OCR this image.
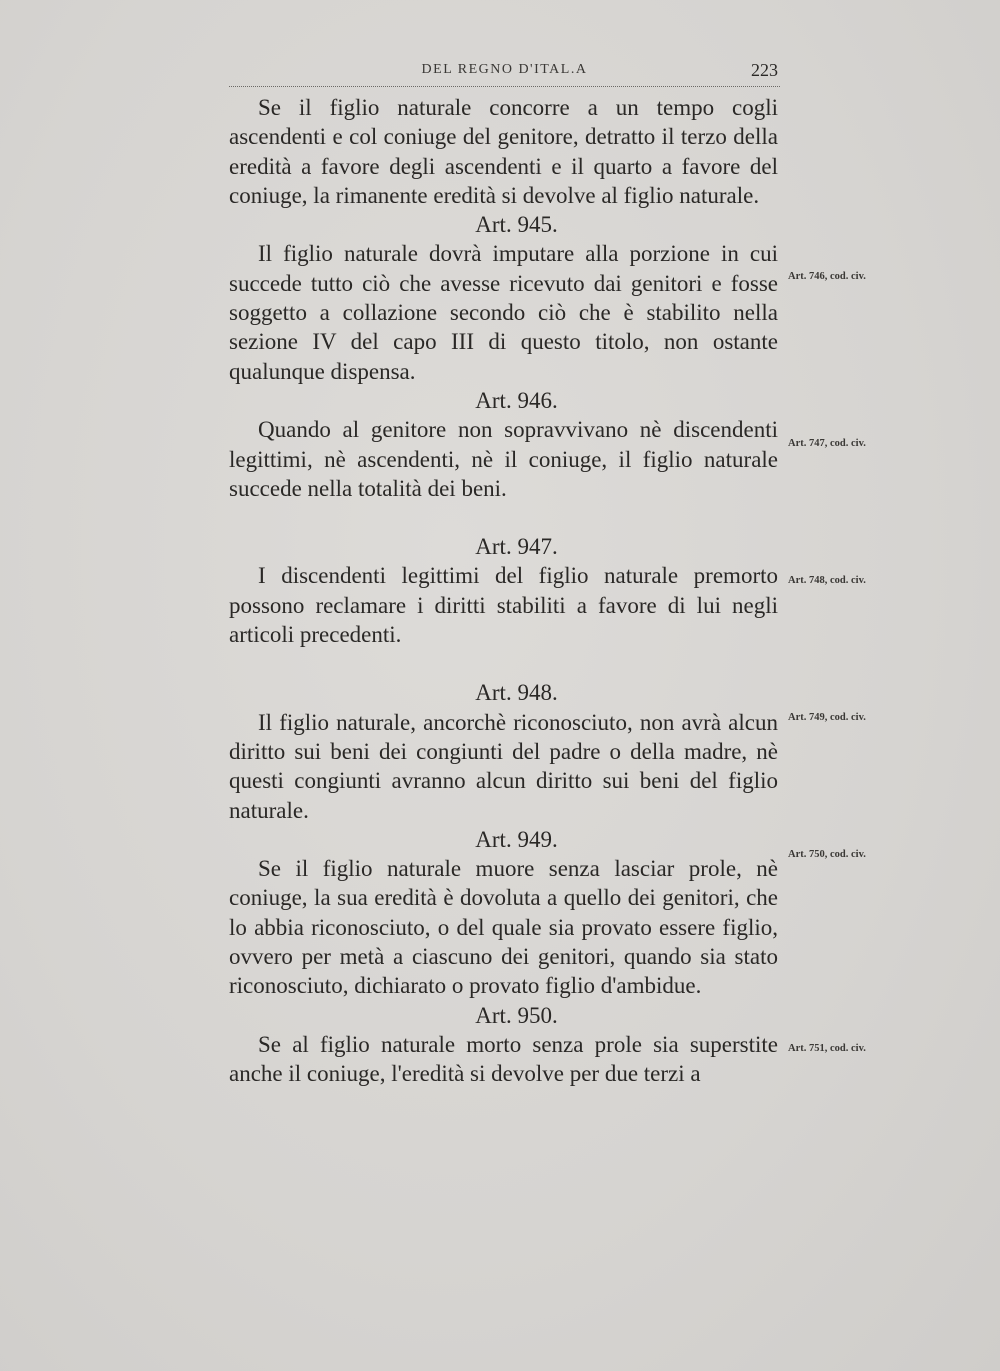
DEL REGNO D'ITAL.A	223

Se il figlio naturale concorre a un tempo cogli ascendenti e col coniuge del genitore, detratto il terzo della eredità a favore degli ascendenti e il quarto a favore del coniuge, la rimanente eredità si devolve al figlio naturale.

Art. 945.

Il figlio naturale dovrà imputare alla porzione in cui succede tutto ciò che avesse ricevuto dai genitori e fosse soggetto a collazione secondo ciò che è stabilito nella sezione IV del capo III di questo titolo, non ostante qualunque dispensa.

Art. 946.

Quando al genitore non sopravvivano nè discendenti legittimi, nè ascendenti, nè il coniuge, il figlio naturale succede nella totalità dei beni.

Art. 947.

I discendenti legittimi del figlio naturale premorto possono reclamare i diritti stabiliti a favore di lui negli articoli precedenti.

Art. 948.

Il figlio naturale, ancorchè riconosciuto, non avrà alcun diritto sui beni dei congiunti del padre o della madre, nè questi congiunti avranno alcun diritto sui beni del figlio naturale.

Art. 949.

Se il figlio naturale muore senza lasciar prole, nè coniuge, la sua eredità è dovoluta a quello dei genitori, che lo abbia riconosciuto, o del quale sia provato essere figlio, ovvero per metà a ciascuno dei genitori, quando sia stato riconosciuto, dichiarato o provato figlio d'ambidue.

Art. 950.

Se al figlio naturale morto senza prole sia superstite anche il coniuge, l'eredità si devolve per due terzi a

Art. 746, cod. civ.
Art. 747, cod. civ.
Art. 748, cod. civ.
Art. 749, cod. civ.
Art. 750, cod. civ.
Art. 751, cod. civ.
